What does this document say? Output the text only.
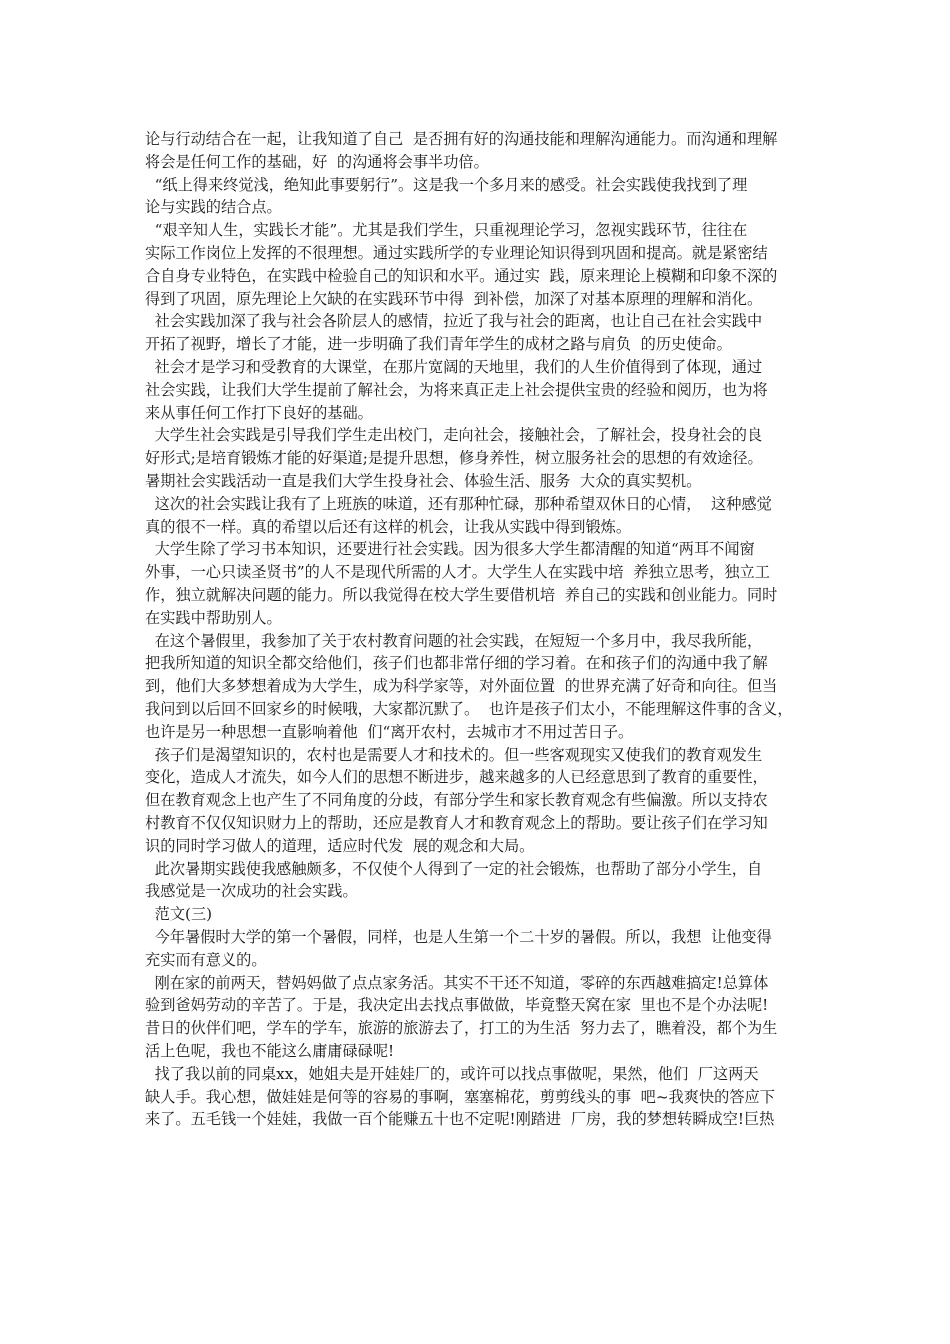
论与行动结合在一起，让我知道了自己  是否拥有好的沟通技能和理解沟通能力。而沟通和理解
将会是任何工作的基础，好  的沟通将会事半功倍。
“纸上得来终觉浅，绝知此事要躬行”。这是我一个多月来的感受。社会实践使我找到了理
论与实践的结合点。
“艰辛知人生，实践长才能”。尤其是我们学生，只重视理论学习，忽视实践环节，往往在
实际工作岗位上发挥的不很理想。通过实践所学的专业理论知识得到巩固和提高。就是紧密结
合自身专业特色，在实践中检验自己的知识和水平。通过实  践，原来理论上模糊和印象不深的
得到了巩固，原先理论上欠缺的在实践环节中得  到补偿，加深了对基本原理的理解和消化。
社会实践加深了我与社会各阶层人的感情，拉近了我与社会的距离，也让自己在社会实践中
开拓了视野，增长了才能，进一步明确了我们青年学生的成材之路与肩负  的历史使命。
社会才是学习和受教育的大课堂，在那片宽阔的天地里，我们的人生价值得到了体现，通过
社会实践，让我们大学生提前了解社会，为将来真正走上社会提供宝贵的经验和阅历，也为将
来从事任何工作打下良好的基础。
大学生社会实践是引导我们学生走出校门，走向社会，接触社会，了解社会，投身社会的良
好形式;是培育锻炼才能的好渠道;是提升思想，修身养性，树立服务社会的思想的有效途径。
暑期社会实践活动一直是我们大学生投身社会、体验生活、服务  大众的真实契机。
这次的社会实践让我有了上班族的味道，还有那种忙碌，那种希望双休日的心情，  这种感觉
真的很不一样。真的希望以后还有这样的机会，让我从实践中得到锻炼。
大学生除了学习书本知识，还要进行社会实践。因为很多大学生都清醒的知道“两耳不闻窗
外事，一心只读圣贤书”的人不是现代所需的人才。大学生人在实践中培  养独立思考，独立工
作，独立就解决问题的能力。所以我觉得在校大学生要借机培  养自己的实践和创业能力。同时
在实践中帮助别人。
在这个暑假里，我参加了关于农村教育问题的社会实践，在短短一个多月中，我尽我所能，
把我所知道的知识全都交给他们，孩子们也都非常仔细的学习着。在和孩子们的沟通中我了解
到，他们大多梦想着成为大学生，成为科学家等，对外面位置  的世界充满了好奇和向往。但当
我问到以后回不回家乡的时候哦，大家都沉默了。  也许是孩子们太小，不能理解这件事的含义，
也许是另一种思想一直影响着他  们“离开农村，去城市才不用过苦日子。
孩子们是渴望知识的，农村也是需要人才和技术的。但一些客观现实又使我们的教育观发生
变化，造成人才流失，如今人们的思想不断进步，越来越多的人已经意思到了教育的重要性，
但在教育观念上也产生了不同角度的分歧，有部分学生和家长教育观念有些偏激。所以支持农
村教育不仅仅知识财力上的帮助，还应是教育人才和教育观念上的帮助。要让孩子们在学习知
识的同时学习做人的道理，适应时代发  展的观念和大局。
此次暑期实践使我感触颇多，不仅使个人得到了一定的社会锻炼，也帮助了部分小学生，自
我感觉是一次成功的社会实践。
范文(三)
今年暑假时大学的第一个暑假，同样，也是人生第一个二十岁的暑假。所以，我想  让他变得
充实而有意义的。
刚在家的前两天，替妈妈做了点点家务活。其实不干还不知道，零碎的东西越难搞定!总算体
验到爸妈劳动的辛苦了。于是，我决定出去找点事做做，毕竟整天窝在家  里也不是个办法呢!
昔日的伙伴们吧，学车的学车，旅游的旅游去了，打工的为生活  努力去了，瞧着没，都个为生
活上色呢，我也不能这么庸庸碌碌呢!
找了我以前的同桌xx，她姐夫是开娃娃厂的，或许可以找点事做呢，果然，他们  厂这两天
缺人手。我心想，做娃娃是何等的容易的事啊，塞塞棉花，剪剪线头的事  吧~我爽快的答应下
来了。五毛钱一个娃娃，我做一百个能赚五十也不定呢!刚踏进  厂房，我的梦想转瞬成空!巨热
